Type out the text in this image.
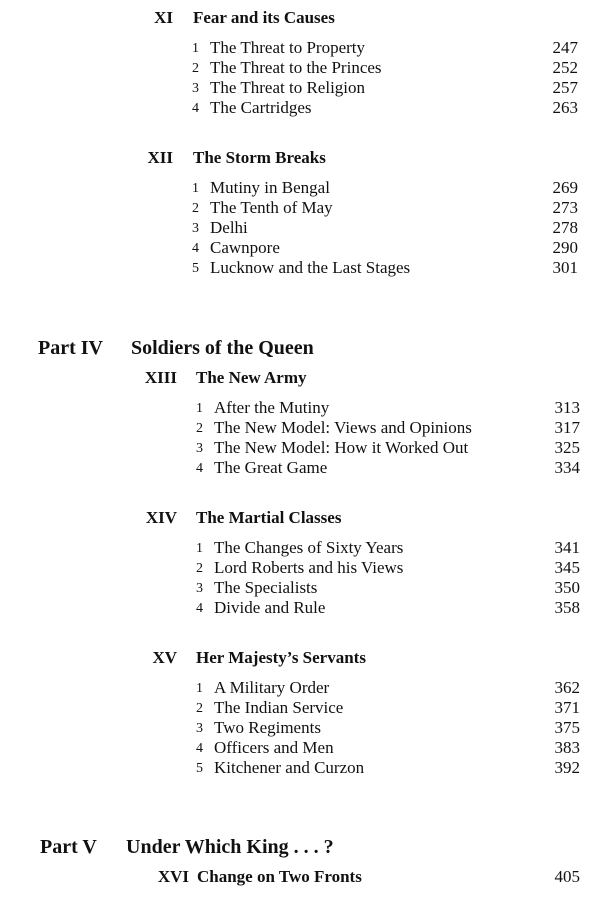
XI Fear and its Causes
1 The Threat to Property	247
2 The Threat to the Princes	252
3 The Threat to Religion	257
4 The Cartridges	263
XII The Storm Breaks
1 Mutiny in Bengal	269
2 The Tenth of May	273
3 Delhi	278
4 Cawnpore	290
5 Lucknow and the Last Stages	301
Part IV Soldiers of the Queen
XIII The New Army
1 After the Mutiny	313
2 The New Model: Views and Opinions	317
3 The New Model: How it Worked Out	325
4 The Great Game	334
XIV The Martial Classes
1 The Changes of Sixty Years	341
2 Lord Roberts and his Views	345
3 The Specialists	350
4 Divide and Rule	358
XV Her Majesty’s Servants
1 A Military Order	362
2 The Indian Service	371
3 Two Regiments	375
4 Officers and Men	383
5 Kitchener and Curzon	392
Part V Under Which King . . . ?
XVI Change on Two Fronts	405
